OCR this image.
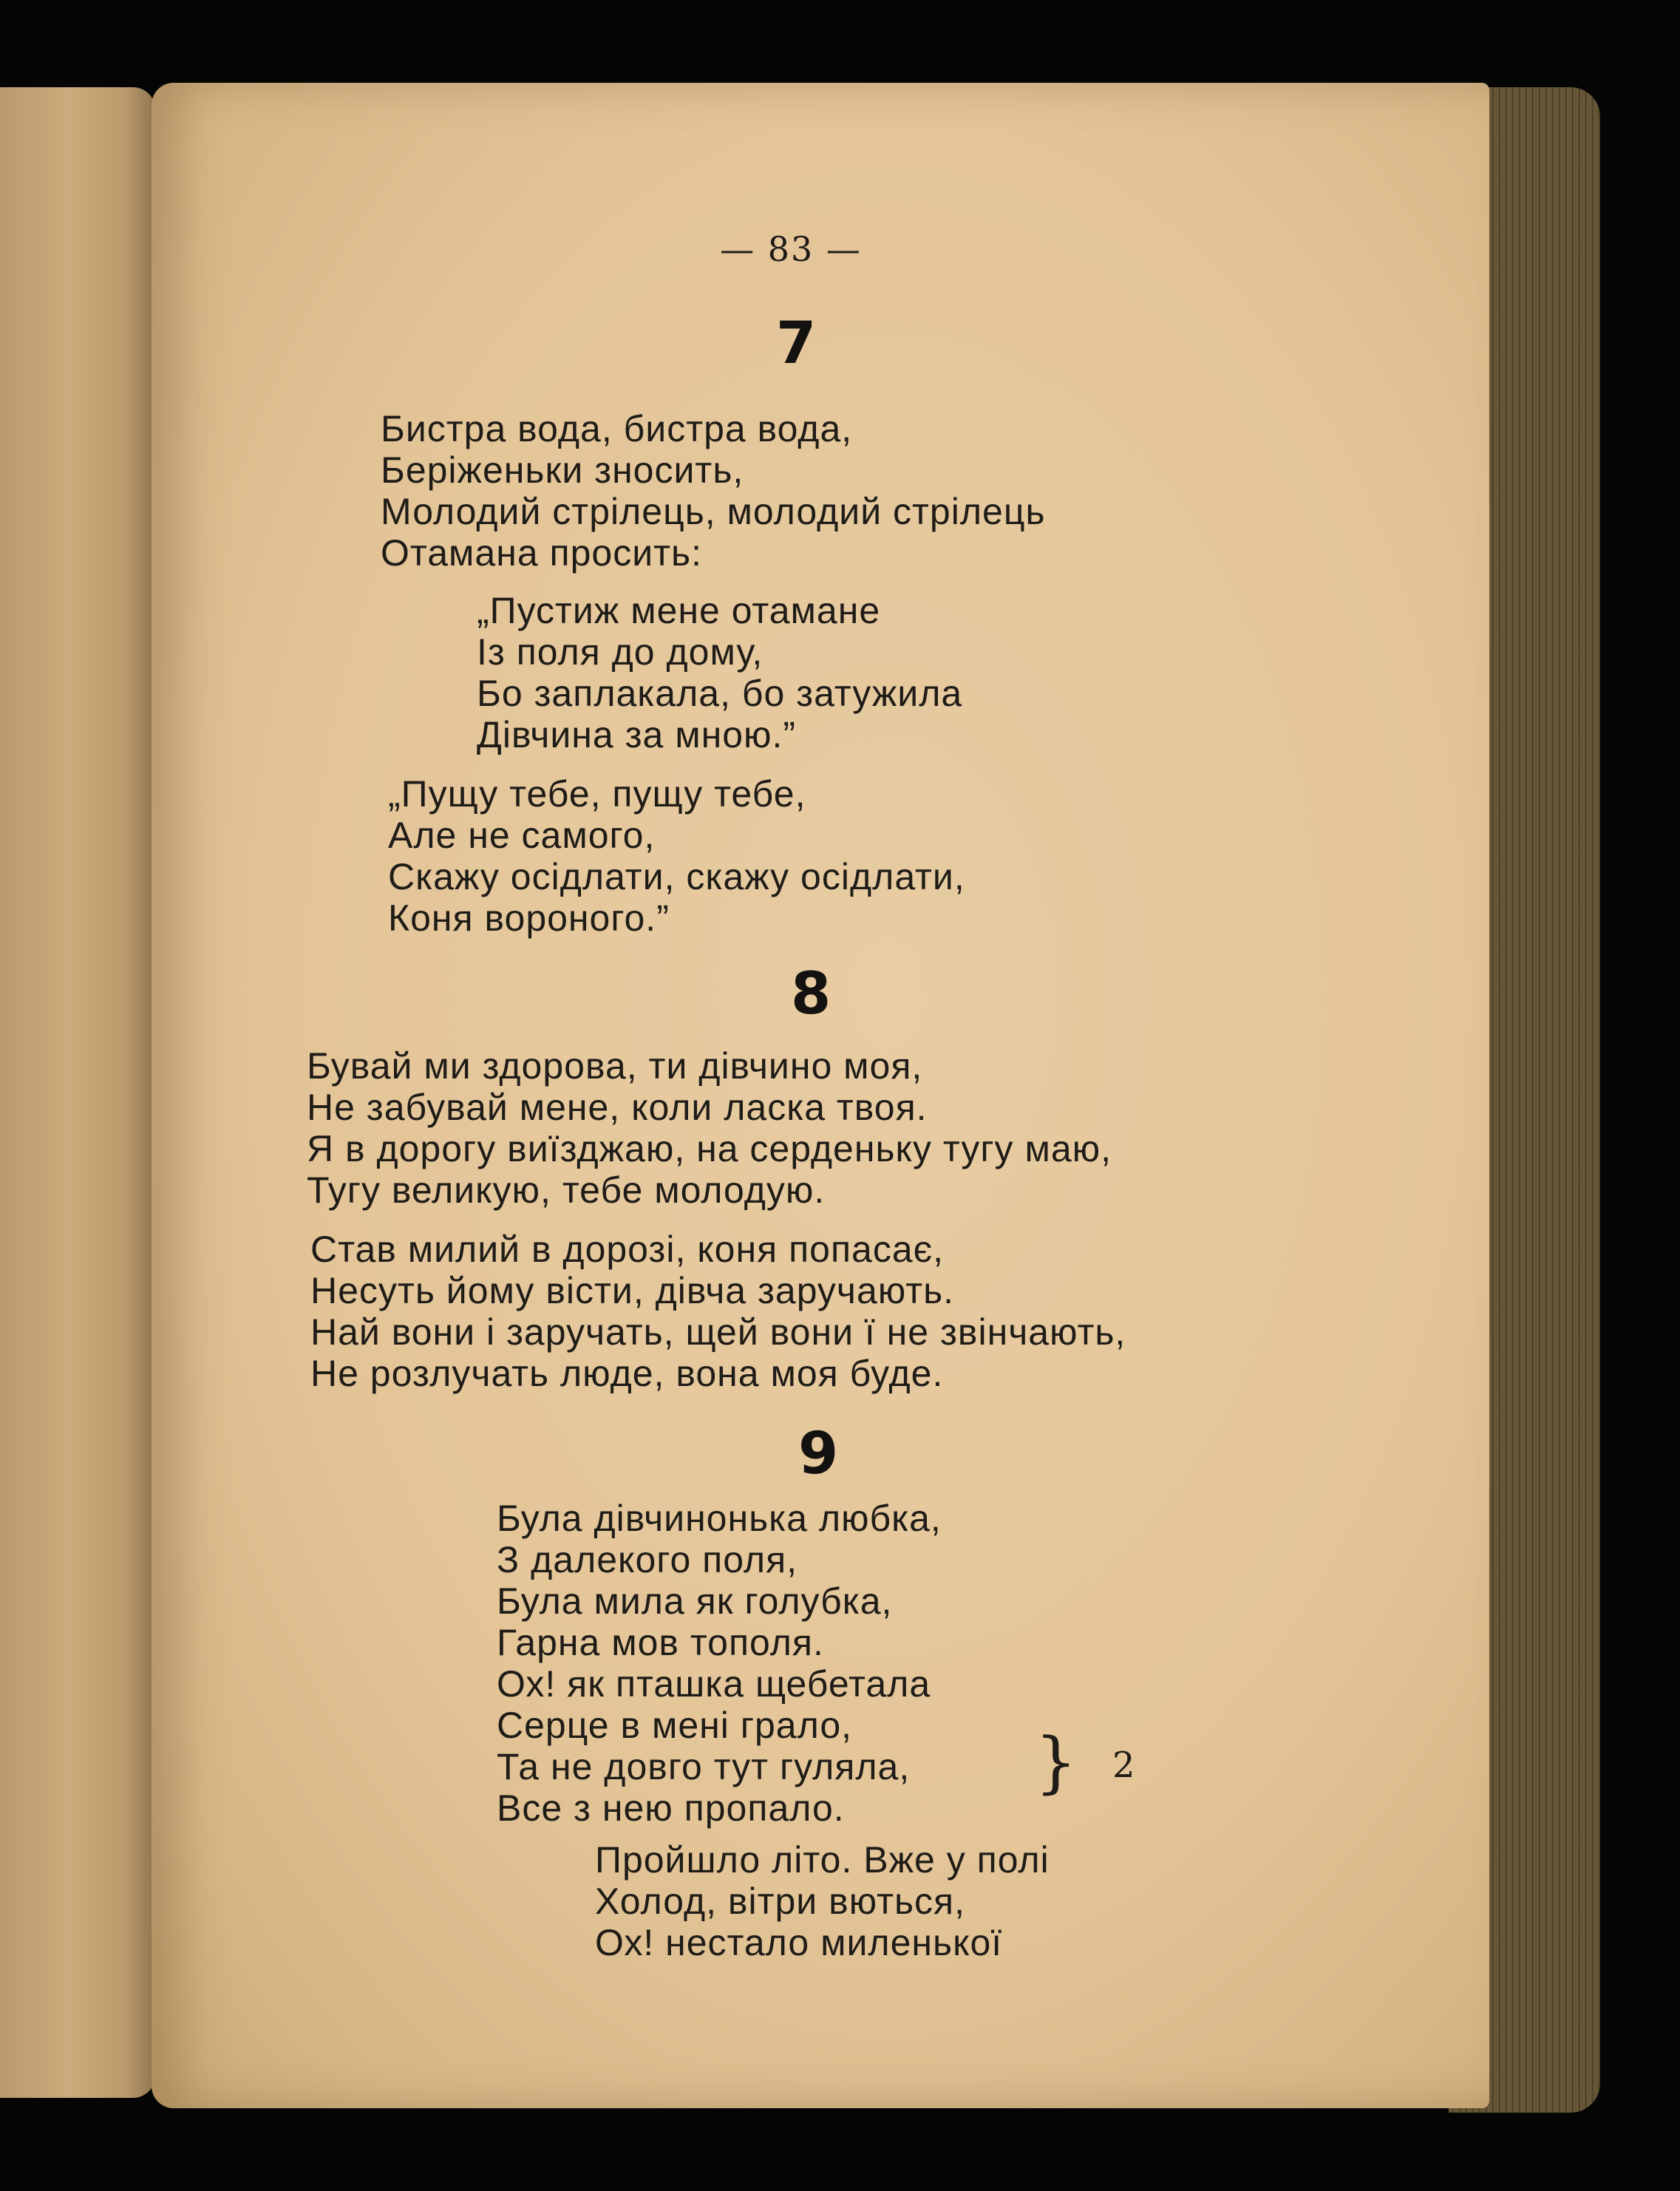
— 83 —
7
Бистра вода, бистра вода,
Беріженьки зносить,
Молодий стрілець, молодий стрілець
Отамана просить:
„Пустиж мене отамане
Із поля до дому,
Бо заплакала, бо затужила
Дівчина за мною.”
„Пущу тебе, пущу тебе,
Але не самого,
Скажу осідлати, скажу осідлати,
Коня вороного.”
8
Бувай ми здорова, ти дівчино моя,
Не забувай мене, коли ласка твоя.
Я в дорогу виїзджаю, на серденьку тугу маю,
Тугу великую, тебе молодую.
Став милий в дорозі, коня попасає,
Несуть йому вісти, дівча заручають.
Най вони і заручать, щей вони ї не звінчають,
Не розлучать люде, вона моя буде.
9
Була дівчинонька любка,
З далекого поля,
Була мила як голубка,
Гарна мов тополя.
Ох! як пташка щебетала
Серце в мені грало,
Та не довго тут гуляла,
Все з нею пропало.
} 2
Пройшло літо. Вже у полі
Холод, вітри вються,
Ох! нестало миленької
